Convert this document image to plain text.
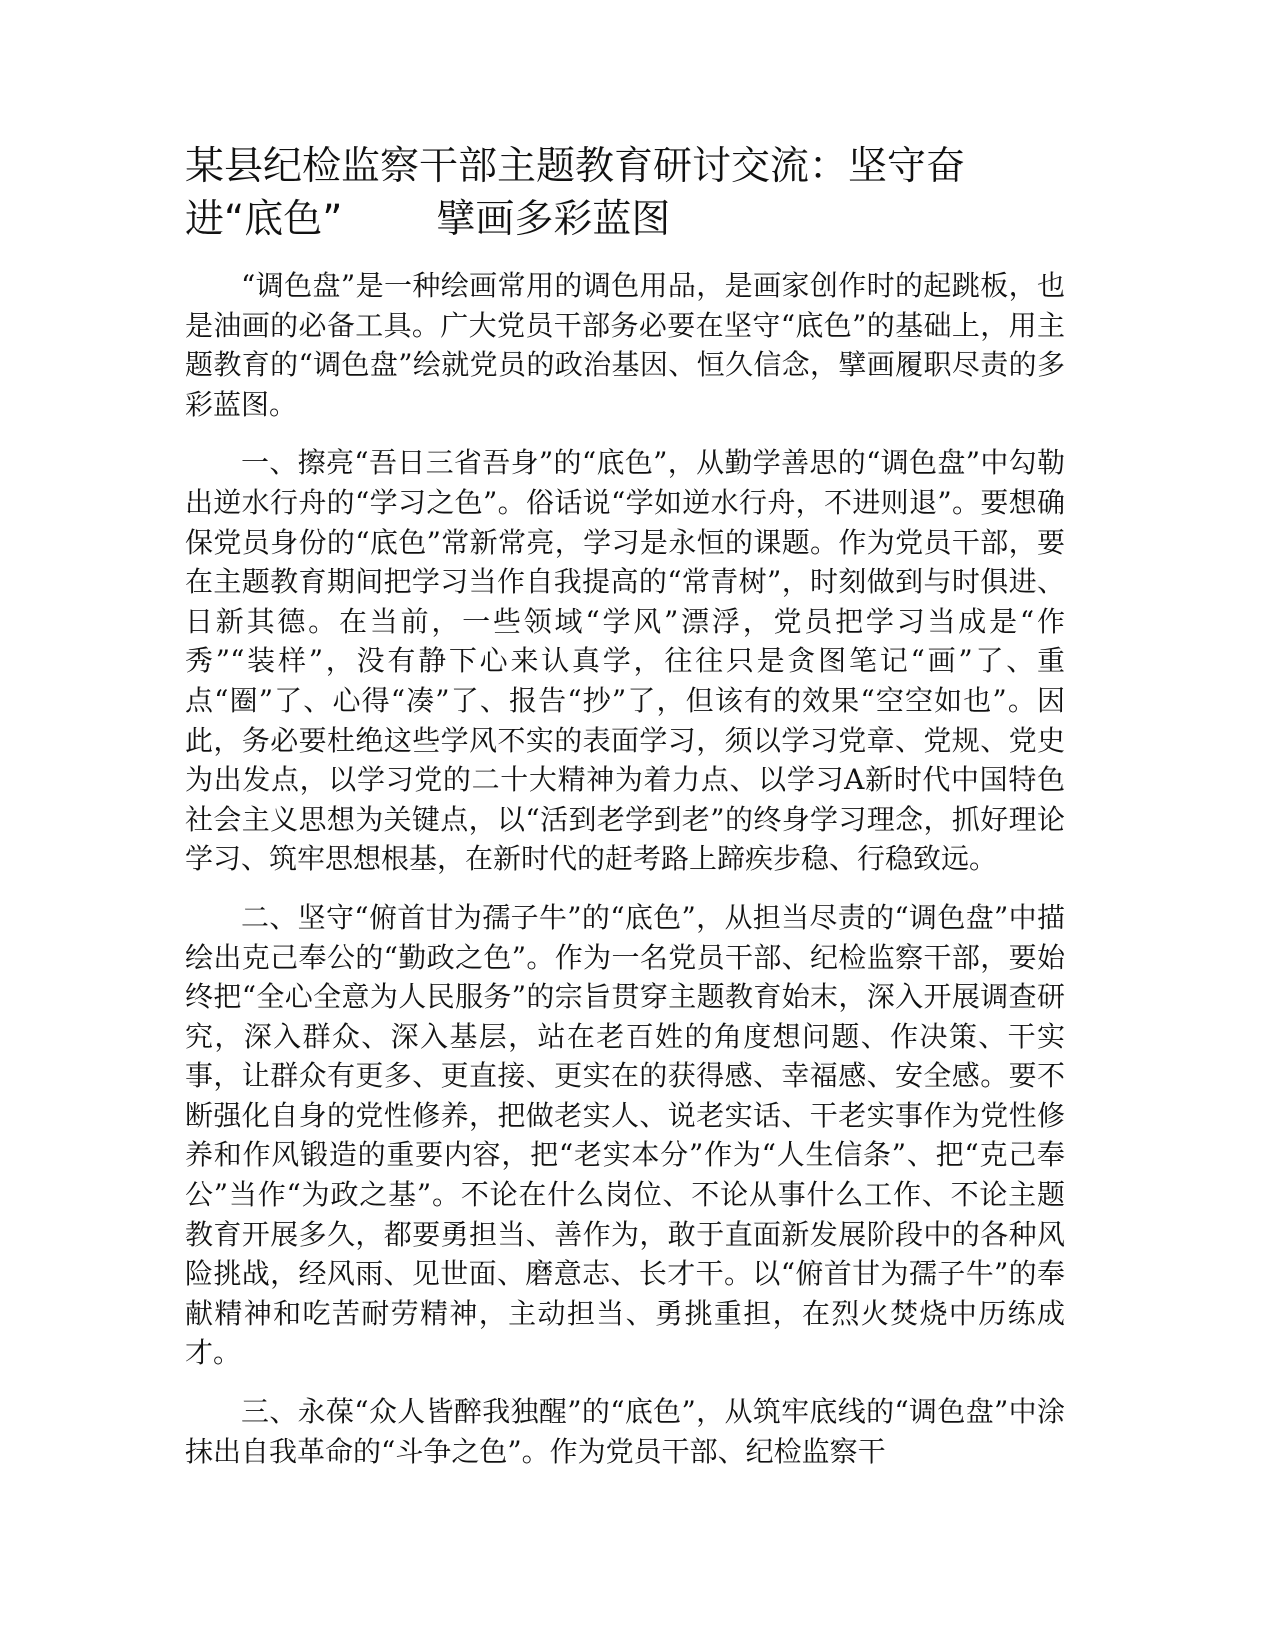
某县纪检监察干部主题教育研讨交流：坚守奋
进“底色” 擘画多彩蓝图

“调色盘”是一种绘画常用的调色用品，是画家创作时的起跳板，也是油画的必备工具。广大党员干部务必要在坚守“底色”的基础上，用主题教育的“调色盘”绘就党员的政治基因、恒久信念，擘画履职尽责的多彩蓝图。

一、擦亮“吾日三省吾身”的“底色”，从勤学善思的“调色盘”中勾勒出逆水行舟的“学习之色”。俗话说“学如逆水行舟，不进则退”。要想确保党员身份的“底色”常新常亮，学习是永恒的课题。作为党员干部，要在主题教育期间把学习当作自我提高的“常青树”，时刻做到与时俱进、日新其德。在当前，一些领域“学风”漂浮，党员把学习当成是“作秀”“装样”，没有静下心来认真学，往往只是贪图笔记“画”了、重点“圈”了、心得“凑”了、报告“抄”了，但该有的效果“空空如也”。因此，务必要杜绝这些学风不实的表面学习，须以学习党章、党规、党史为出发点，以学习党的二十大精神为着力点、以学习A新时代中国特色社会主义思想为关键点，以“活到老学到老”的终身学习理念，抓好理论学习、筑牢思想根基，在新时代的赶考路上蹄疾步稳、行稳致远。

二、坚守“俯首甘为孺子牛”的“底色”，从担当尽责的“调色盘”中描绘出克己奉公的“勤政之色”。作为一名党员干部、纪检监察干部，要始终把“全心全意为人民服务”的宗旨贯穿主题教育始末，深入开展调查研究，深入群众、深入基层，站在老百姓的角度想问题、作决策、干实事，让群众有更多、更直接、更实在的获得感、幸福感、安全感。要不断强化自身的党性修养，把做老实人、说老实话、干老实事作为党性修养和作风锻造的重要内容，把“老实本分”作为“人生信条”、把“克己奉公”当作“为政之基”。不论在什么岗位、不论从事什么工作、不论主题教育开展多久，都要勇担当、善作为，敢于直面新发展阶段中的各种风险挑战，经风雨、见世面、磨意志、长才干。以“俯首甘为孺子牛”的奉献精神和吃苦耐劳精神，主动担当、勇挑重担，在烈火焚烧中历练成才。

三、永葆“众人皆醉我独醒”的“底色”，从筑牢底线的“调色盘”中涂抹出自我革命的“斗争之色”。作为党员干部、纪检监察干
